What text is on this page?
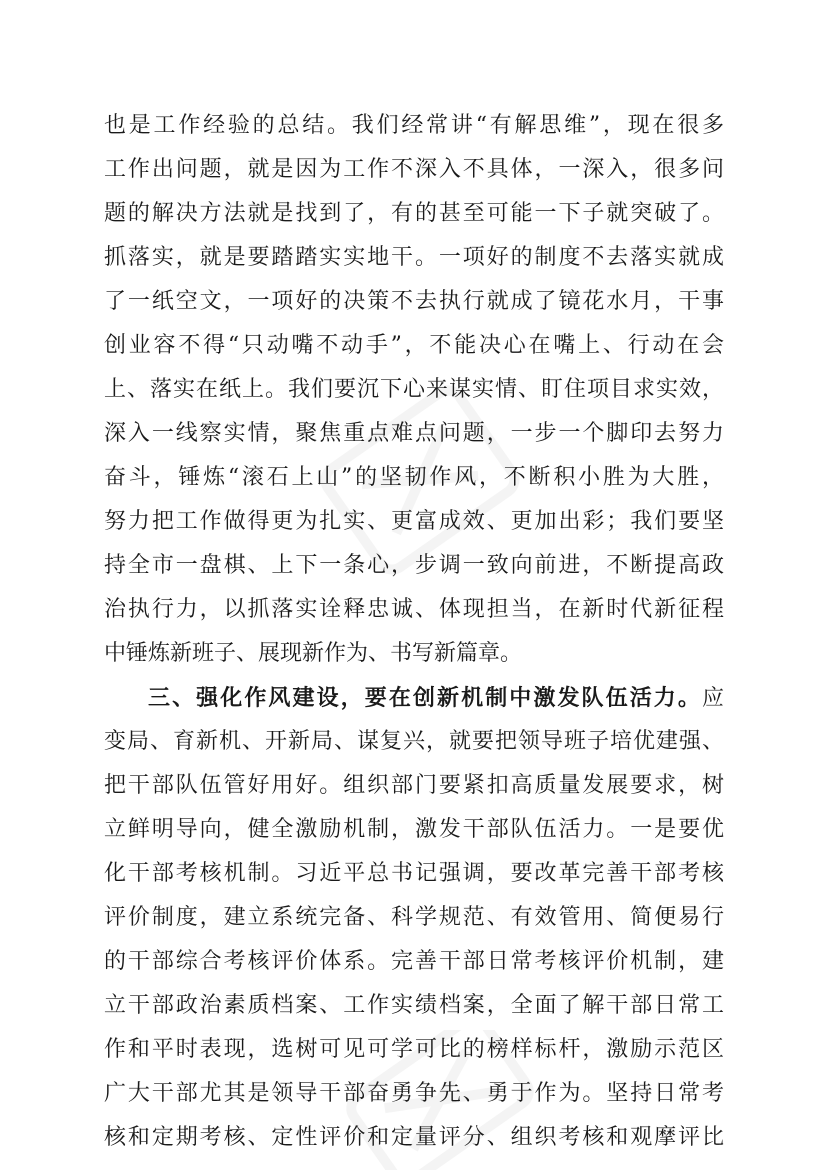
也是工作经验的总结。我们经常讲“有解思维”，现在很多
工作出问题，就是因为工作不深入不具体，一深入，很多问
题的解决方法就是找到了，有的甚至可能一下子就突破了。
抓落实，就是要踏踏实实地干。一项好的制度不去落实就成
了一纸空文，一项好的决策不去执行就成了镜花水月，干事
创业容不得“只动嘴不动手”，不能决心在嘴上、行动在会
上、落实在纸上。我们要沉下心来谋实情、盯住项目求实效，
深入一线察实情，聚焦重点难点问题，一步一个脚印去努力
奋斗，锤炼“滚石上山”的坚韧作风，不断积小胜为大胜，
努力把工作做得更为扎实、更富成效、更加出彩；我们要坚
持全市一盘棋、上下一条心，步调一致向前进，不断提高政
治执行力，以抓落实诠释忠诚、体现担当，在新时代新征程
中锤炼新班子、展现新作为、书写新篇章。
三、强化作风建设，要在创新机制中激发队伍活力。应
变局、育新机、开新局、谋复兴，就要把领导班子培优建强、
把干部队伍管好用好。组织部门要紧扣高质量发展要求，树
立鲜明导向，健全激励机制，激发干部队伍活力。一是要优
化干部考核机制。习近平总书记强调，要改革完善干部考核
评价制度，建立系统完备、科学规范、有效管用、简便易行
的干部综合考核评价体系。完善干部日常考核评价机制，建
立干部政治素质档案、工作实绩档案，全面了解干部日常工
作和平时表现，选树可见可学可比的榜样标杆，激励示范区
广大干部尤其是领导干部奋勇争先、勇于作为。坚持日常考
核和定期考核、定性评价和定量评分、组织考核和观摩评比
